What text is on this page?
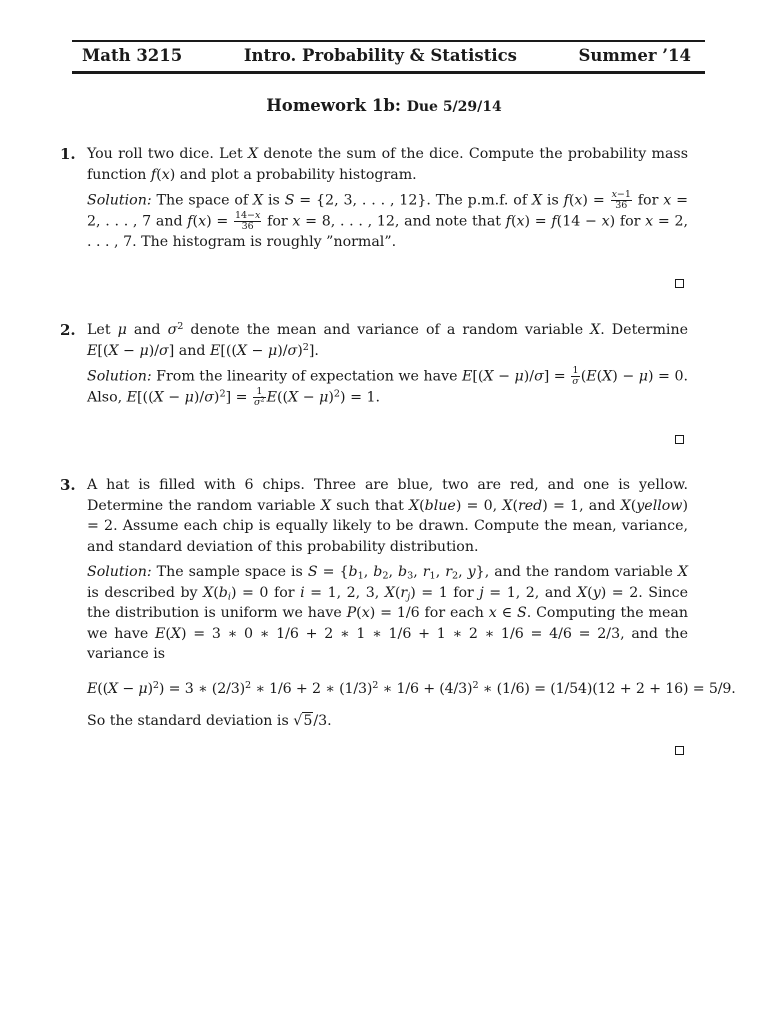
Math 3215	Intro. Probability & Statistics	Summer ’14
Homework 1b: Due 5/29/14
1. You roll two dice. Let X denote the sum of the dice. Compute the probability mass function f(x) and plot a probability histogram.

Solution: The space of X is S = {2, 3, . . . , 12}. The p.m.f. of X is $f(x) = \frac{x-1}{36}$ for x = 2, . . . , 7 and $f(x) = \frac{14-x}{36}$ for x = 8, . . . , 12, and note that f(x) = f(14 − x) for x = 2, . . . , 7. The histogram is roughly ”normal”.

2. Let μ and $\sigma^2$ denote the mean and variance of a random variable X. Determine E[(X − μ)/σ] and $E[((X - \mu)/\sigma)^2]$.

Solution: From the linearity of expectation we have $E[(X - \mu)/\sigma] = \frac{1}{\sigma} (E(X) - \mu) = 0$. Also, $E[((X - \mu)/\sigma)^2] = \frac{1}{\sigma^2} E((X - \mu)^2) = 1$.

3. A hat is filled with 6 chips. Three are blue, two are red, and one is yellow. Determine the random variable X such that X(blue) = 0, X(red) = 1, and X(yellow) = 2. Assume each chip is equally likely to be drawn. Compute the mean, variance, and standard deviation of this probability distribution.

Solution: The sample space is $S = \{b_1$, $b_2$, $b_3$, $r_1$, $r_2$, y}, and the random variable X is described by $X(b_i) = 0$ for i = 1, 2, 3, $X(r_j) = 1$ for j = 1, 2, and X(y) = 2. Since the distribution is uniform we have P(x) = 1/6 for each x ∈ S. Computing the mean we have E(X) = 3 ∗ 0 ∗ 1/6 + 2 ∗ 1 ∗ 1/6 + 1 ∗ 2 ∗ 1/6 = 4/6 = 2/3, and the variance is

$E((X - \mu)^2) = 3$ ∗ $(2/3)^2$ ∗ 1/6 + 2 ∗ $(1/3)^2$ ∗ $1/6 + (4/3)^2$ ∗ (1/6) = (1/54)(12 + 2 + 16) = 5/9.

So the standard deviation is √5/3.
